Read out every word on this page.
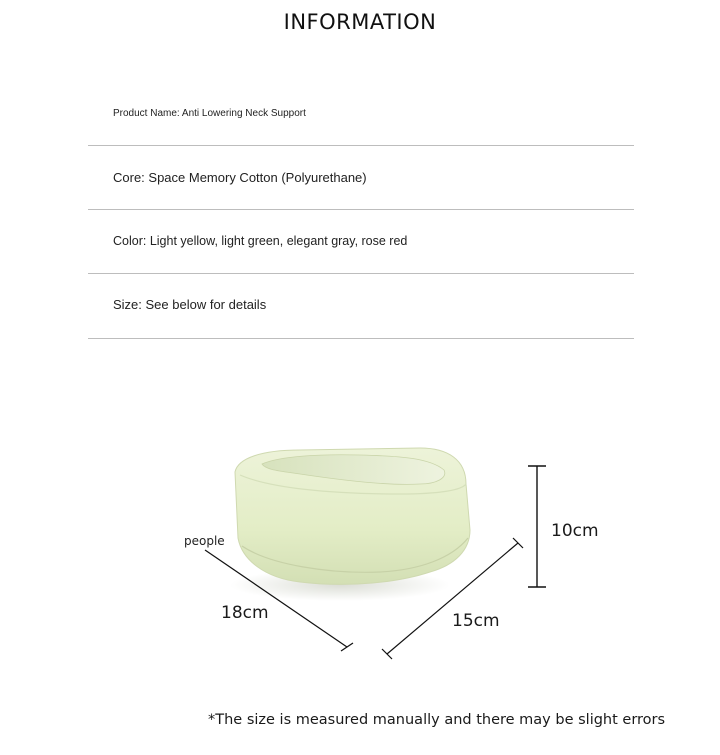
INFORMATION
Product Name: Anti Lowering Neck Support
Core: Space Memory Cotton (Polyurethane)
Color: Light yellow, light green, elegant gray, rose red
Size: See below for details
people
18cm	15cm
10cm
*The size is measured manually and there may be slight errors
